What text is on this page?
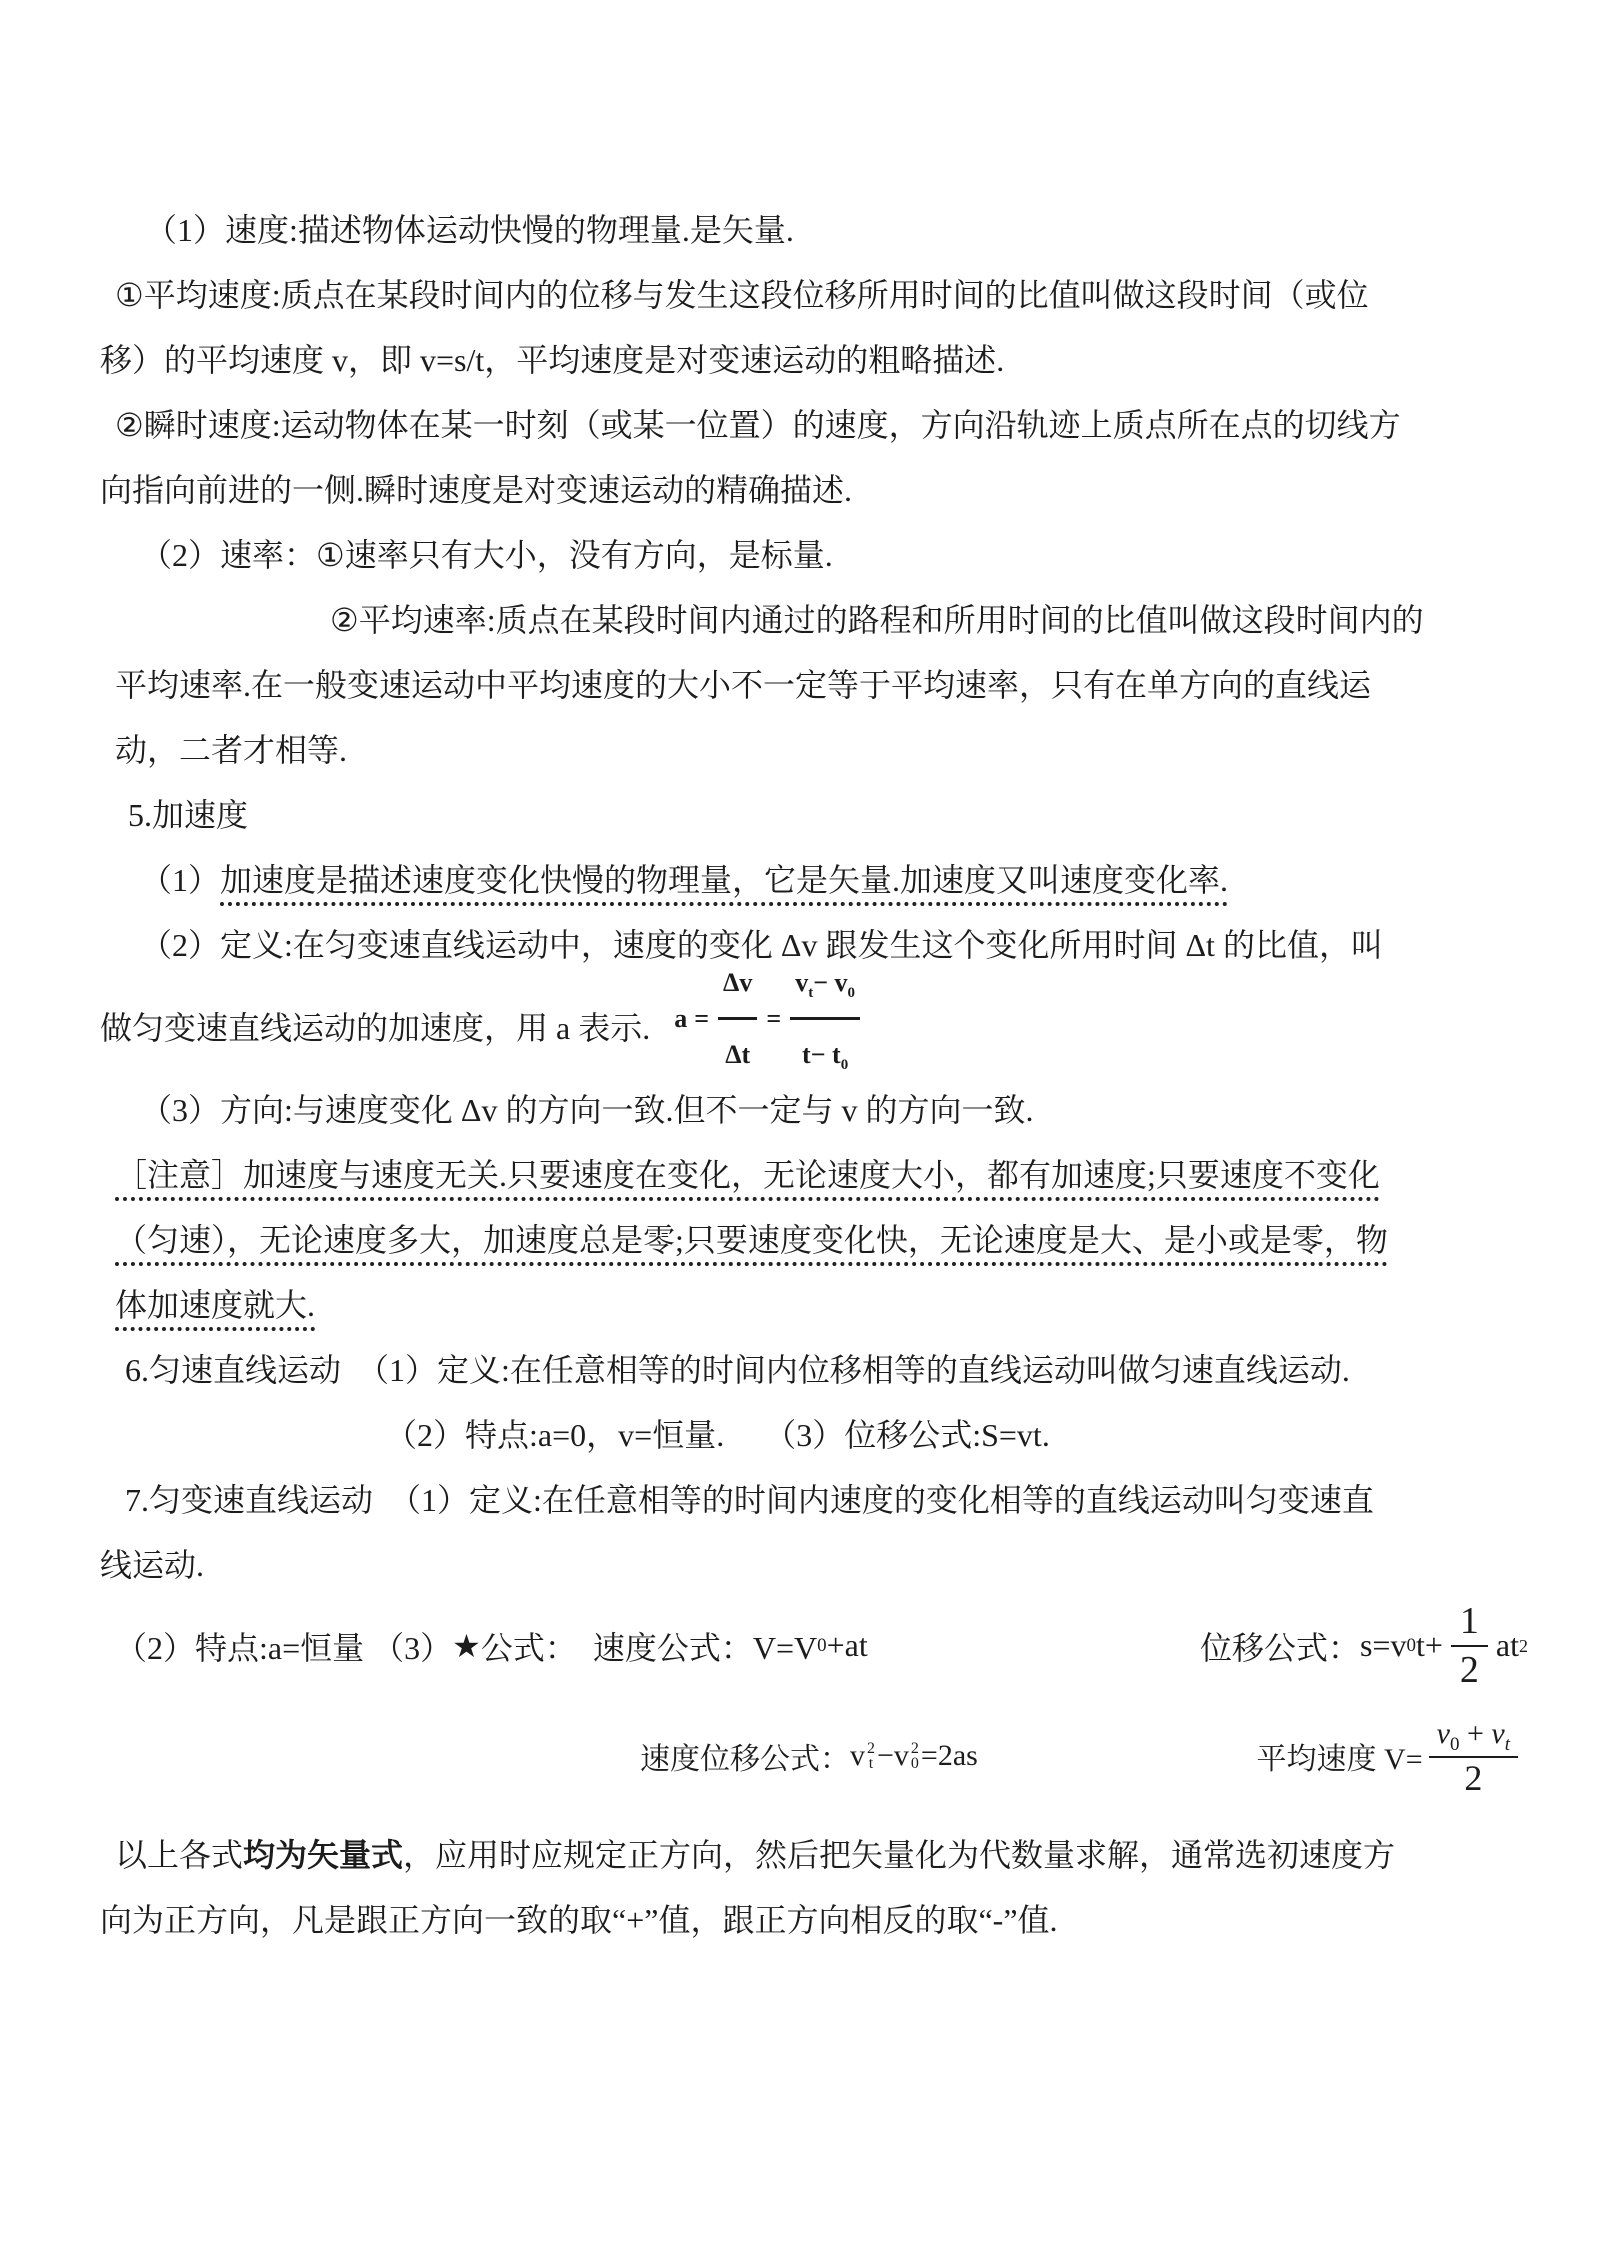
（1）速度:描述物体运动快慢的物理量.是矢量.
①平均速度:质点在某段时间内的位移与发生这段位移所用时间的比值叫做这段时间（或位
移）的平均速度 v，即 v=s/t，平均速度是对变速运动的粗略描述.
②瞬时速度:运动物体在某一时刻（或某一位置）的速度，方向沿轨迹上质点所在点的切线方
向指向前进的一侧.瞬时速度是对变速运动的精确描述.
（2）速率：①速率只有大小，没有方向，是标量.
②平均速率:质点在某段时间内通过的路程和所用时间的比值叫做这段时间内的
平均速率.在一般变速运动中平均速度的大小不一定等于平均速率，只有在单方向的直线运
动，二者才相等.
5.加速度
（1）加速度是描述速度变化快慢的物理量，它是矢量.加速度又叫速度变化率.
（2）定义:在匀变速直线运动中，速度的变化 Δv 跟发生这个变化所用时间 Δt 的比值，叫
做匀变速直线运动的加速度，用 a 表示. $a = \frac{\Delta v}{\Delta t} = \frac{v_t- v_0}{t- t_0}$
（3）方向:与速度变化 Δv 的方向一致.但不一定与 v 的方向一致.
［注意］加速度与速度无关.只要速度在变化，无论速度大小，都有加速度;只要速度不变化
（匀速），无论速度多大，加速度总是零;只要速度变化快，无论速度是大、是小或是零，物
体加速度就大.
6.匀速直线运动  （1）定义:在任意相等的时间内位移相等的直线运动叫做匀速直线运动.
（2）特点:a=0，v=恒量.     （3）位移公式:S=vt.
7.匀变速直线运动  （1）定义:在任意相等的时间内速度的变化相等的直线运动叫匀变速直
线运动.
（2）特点:a=恒量 （3） ★ 公式：  速度公式：V=V 0 +at	位移公式： s=v 0 $t+ \frac{1}{2}$ at 2
速度位移公式： v 2
t − v 2
0 =2as	平均速度 $V= \frac{v_0 + v_t}{2}$
以上各式均为矢量式，应用时应规定正方向，然后把矢量化为代数量求解，通常选初速度方
向为正方向，凡是跟正方向一致的取“+”值，跟正方向相反的取“-”值.
